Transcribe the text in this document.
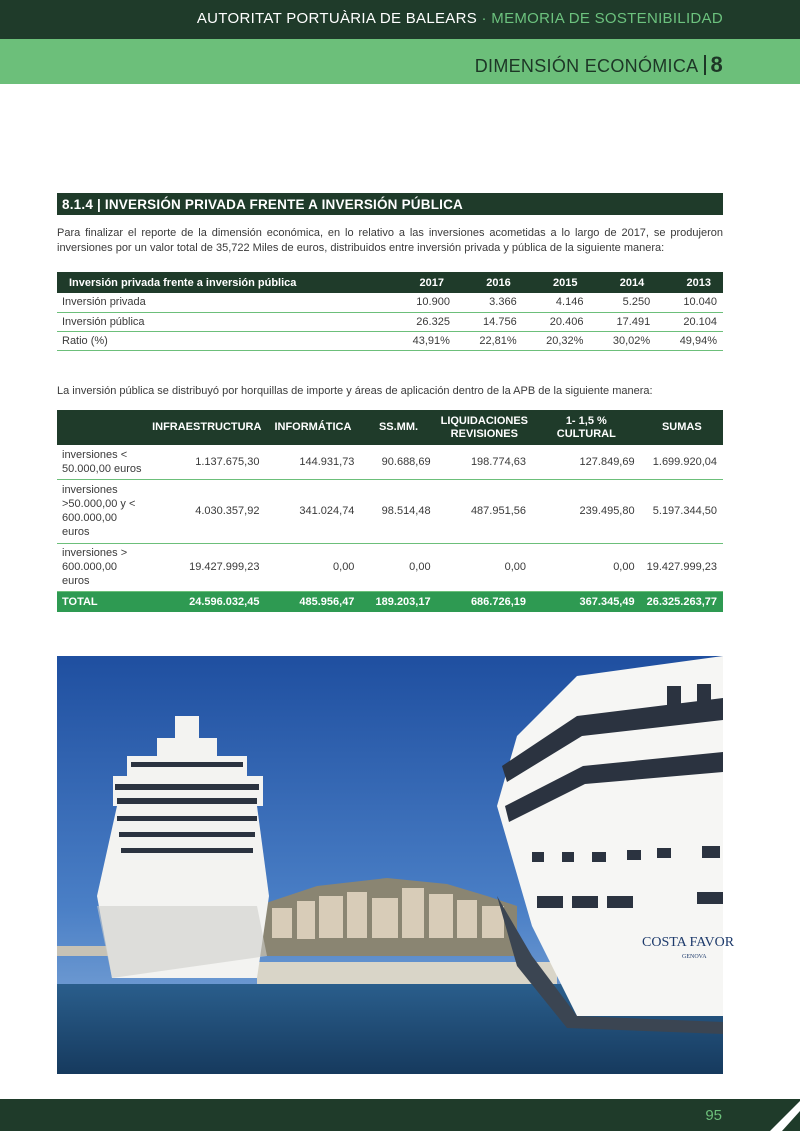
AUTORITAT PORTUÀRIA DE BALEARS · MEMORIA DE SOSTENIBILIDAD
DIMENSIÓN ECONÓMICA 8
8.1.4 | INVERSIÓN PRIVADA FRENTE A INVERSIÓN PÚBLICA

Para finalizar el reporte de la dimensión económica, en lo relativo a las inversiones acometidas a lo largo de 2017, se produjeron inversiones por un valor total de 35,722 Miles de euros, distribuidos entre inversión privada y pública de la siguiente manera:

Inversión privada frente a inversión pública	2017	2016	2015	2014	2013
Inversión privada	10.900	3.366	4.146	5.250	10.040
Inversión pública	26.325	14.756	20.406	17.491	20.104
Ratio (%)	43,91%	22,81%	20,32%	30,02%	49,94%

La inversión pública se distribuyó por horquillas de importe y áreas de aplicación dentro de la APB de la siguiente manera:

	INFRAESTRUCTURA	INFORMÁTICA	SS.MM.	LIQUIDACIONES REVISIONES	1- 1,5 % CULTURAL	SUMAS
inversiones < 50.000,00 euros	1.137.675,30	144.931,73	90.688,69	198.774,63	127.849,69	1.699.920,04
inversiones >50.000,00 y < 600.000,00 euros	4.030.357,92	341.024,74	98.514,48	487.951,56	239.495,80	5.197.344,50
inversiones > 600.000,00 euros	19.427.999,23	0,00	0,00	0,00	0,00	19.427.999,23
TOTAL	24.596.032,45	485.956,47	189.203,17	686.726,19	367.345,49	26.325.263,77
COSTA FAVOR
GENOVA
95
